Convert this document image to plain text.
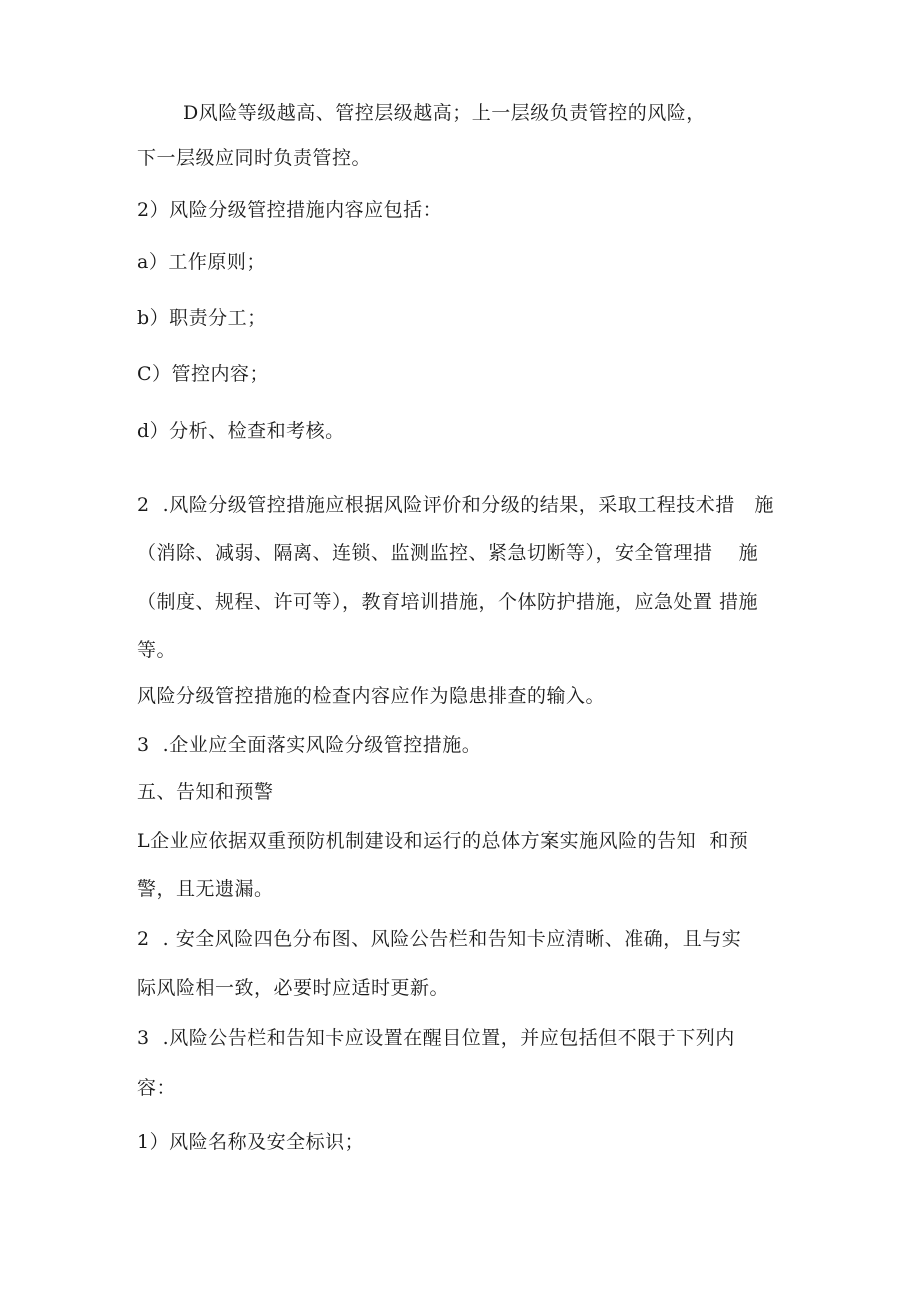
D风险等级越高、管控层级越高；上一层级负责管控的风险，
下一层级应同时负责管控。
2）风险分级管控措施内容应包括：
a）工作原则；
b）职责分工；
C）管控内容；
d）分析、检查和考核。
2  .风险分级管控措施应根据风险评价和分级的结果，采取工程技术措   施
（消除、减弱、隔离、连锁、监测监控、紧急切断等），安全管理措    施
（制度、规程、许可等），教育培训措施，个体防护措施，应急处置 措施
等。
风险分级管控措施的检查内容应作为隐患排查的输入。
3  .企业应全面落实风险分级管控措施。
五、告知和预警
L企业应依据双重预防机制建设和运行的总体方案实施风险的告知  和预
警，且无遗漏。
2  . 安全风险四色分布图、风险公告栏和告知卡应清晰、准确，且与实
际风险相一致，必要时应适时更新。
3  .风险公告栏和告知卡应设置在醒目位置，并应包括但不限于下列内
容：
1）风险名称及安全标识；
